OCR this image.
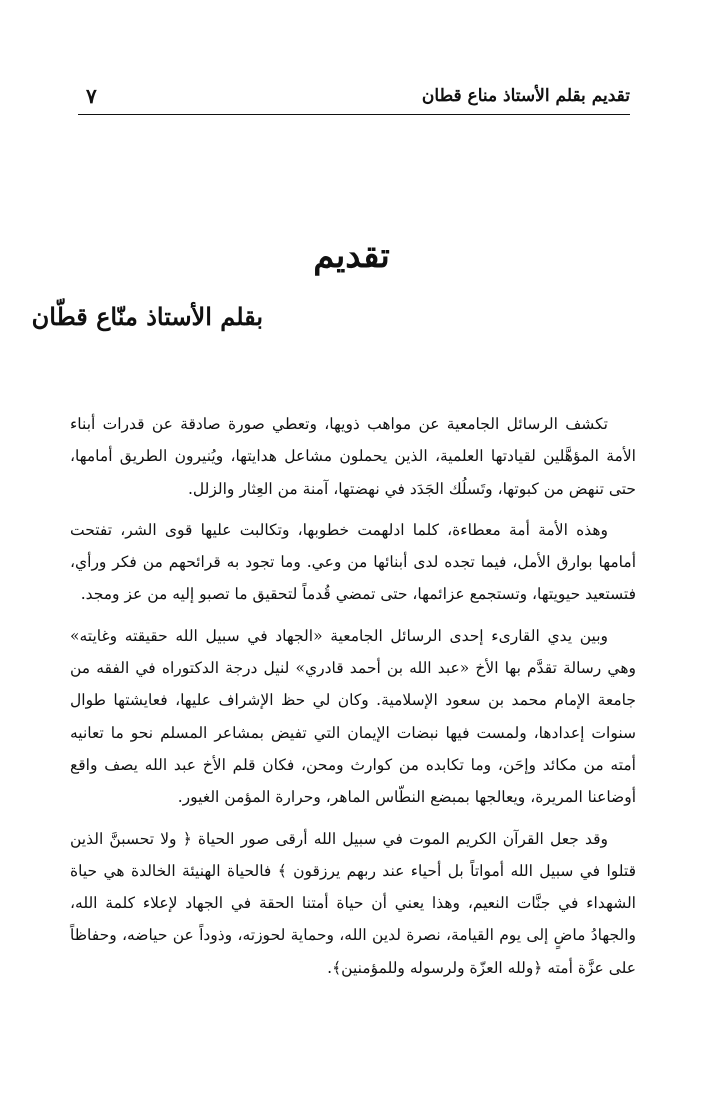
تقديم بقلم الأستاذ مناع قطان
٧
تقديم
بقلم الأستاذ منّاع قطّان

تكشف الرسائل الجامعية عن مواهب ذويها، وتعطي صورة صادقة عن قدرات أبناء الأمة المؤهَّلين لقيادتها العلمية، الذين يحملون مشاعل هدايتها، ويُنيرون الطريق أمامها، حتى تنهض من كبوتها، وتَسلُك الجَدَد في نهضتها، آمنة من العِثار والزلل.

وهذه الأمة أمة معطاءة، كلما ادلهمت خطوبها، وتكالبت عليها قوى الشر، تفتحت أمامها بوارق الأمل، فيما تجده لدى أبنائها من وعي. وما تجود به قرائحهم من فكر ورأي، فتستعيد حيويتها، وتستجمع عزائمها، حتى تمضي قُدماً لتحقيق ما تصبو إليه من عز ومجد.

وبين يدي القارىء إحدى الرسائل الجامعية «الجهاد في سبيل الله حقيقته وغايته» وهي رسالة تقدَّم بها الأخ «عبد الله بن أحمد قادري» لنيل درجة الدكتوراه في الفقه من جامعة الإمام محمد بن سعود الإسلامية. وكان لي حظ الإشراف عليها، فعايشتها طوال سنوات إعدادها، ولمست فيها نبضات الإيمان التي تفيض بمشاعر المسلم نحو ما تعانيه أمته من مكائد وإحَن، وما تكابده من كوارث ومحن، فكان قلم الأخ عبد الله يصف واقع أوضاعنا المريرة، ويعالجها بمبضع النطّاس الماهر، وحرارة المؤمن الغيور.

وقد جعل القرآن الكريم الموت في سبيل الله أرقى صور الحياة ﴿ ولا تحسبنَّ الذين قتلوا في سبيل الله أمواتاً بل أحياء عند ربهم يرزقون ﴾ فالحياة الهنيئة الخالدة هي حياة الشهداء في جنَّات النعيم، وهذا يعني أن حياة أمتنا الحقة في الجهاد لإعلاء كلمة الله، والجهادُ ماضٍ إلى يوم القيامة، نصرة لدين الله، وحماية لحوزته، وذوداً عن حياضه، وحفاظاً على عزَّة أمته ﴿ولله العزّة ولرسوله وللمؤمنين﴾.
